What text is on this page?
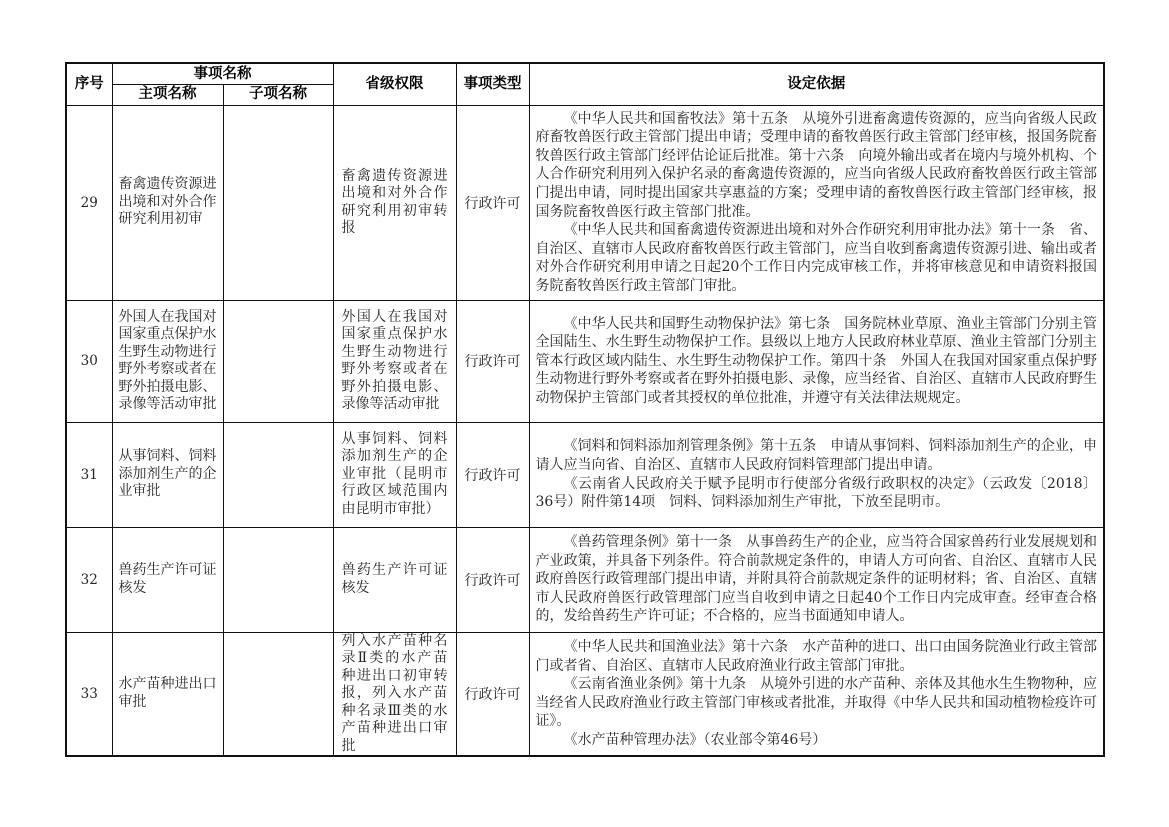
序号	事项名称		省级权限	事项类型	设定依据
	主项名称	子项名称			
29	畜禽遗传资源进出境和对外合作研究利用初审		畜禽遗传资源进出境和对外合作研究利用初审转报	行政许可	《中华人民共和国畜牧法》第十五条　从境外引进畜禽遗传资源的，应当向省级人民政府畜牧兽医行政主管部门提出申请；受理申请的畜牧兽医行政主管部门经审核，报国务院畜牧兽医行政主管部门经评估论证后批准。第十六条　向境外输出或者在境内与境外机构、个人合作研究利用列入保护名录的畜禽遗传资源的，应当向省级人民政府畜牧兽医行政主管部门提出申请，同时提出国家共享惠益的方案；受理申请的畜牧兽医行政主管部门经审核，报国务院畜牧兽医行政主管部门批准。

《中华人民共和国畜禽遗传资源进出境和对外合作研究利用审批办法》第十一条　省、自治区、直辖市人民政府畜牧兽医行政主管部门，应当自收到畜禽遗传资源引进、输出或者对外合作研究利用申请之日起20个工作日内完成审核工作，并将审核意见和申请资料报国务院畜牧兽医行政主管部门审批。

30	外国人在我国对国家重点保护水生野生动物进行野外考察或者在野外拍摄电影、录像等活动审批		外国人在我国对国家重点保护水生野生动物进行野外考察或者在野外拍摄电影、录像等活动审批	行政许可	《中华人民共和国野生动物保护法》第七条　国务院林业草原、渔业主管部门分别主管全国陆生、水生野生动物保护工作。县级以上地方人民政府林业草原、渔业主管部门分别主管本行政区域内陆生、水生野生动物保护工作。第四十条　外国人在我国对国家重点保护野生动物进行野外考察或者在野外拍摄电影、录像，应当经省、自治区、直辖市人民政府野生动物保护主管部门或者其授权的单位批准，并遵守有关法律法规规定。

31	从事饲料、饲料添加剂生产的企业审批		从事饲料、饲料添加剂生产的企业审批（昆明市行政区域范围内由昆明市审批）	行政许可	《饲料和饲料添加剂管理条例》第十五条　申请从事饲料、饲料添加剂生产的企业，申请人应当向省、自治区、直辖市人民政府饲料管理部门提出申请。

《云南省人民政府关于赋予昆明市行使部分省级行政职权的决定》（云政发〔2018〕36号）附件第14项　饲料、饲料添加剂生产审批，下放至昆明市。

32	兽药生产许可证核发		兽药生产许可证核发	行政许可	《兽药管理条例》第十一条　从事兽药生产的企业，应当符合国家兽药行业发展规划和产业政策，并具备下列条件。符合前款规定条件的，申请人方可向省、自治区、直辖市人民政府兽医行政管理部门提出申请，并附具符合前款规定条件的证明材料；省、自治区、直辖市人民政府兽医行政管理部门应当自收到申请之日起40个工作日内完成审查。经审查合格的，发给兽药生产许可证；不合格的，应当书面通知申请人。

33	水产苗种进出口审批		列入水产苗种名录Ⅱ类的水产苗种进出口初审转报，列入水产苗种名录Ⅲ类的水产苗种进出口审批	行政许可	《中华人民共和国渔业法》第十六条　水产苗种的进口、出口由国务院渔业行政主管部门或者省、自治区、直辖市人民政府渔业行政主管部门审批。

《云南省渔业条例》第十九条　从境外引进的水产苗种、亲体及其他水生生物物种，应当经省人民政府渔业行政主管部门审核或者批准，并取得《中华人民共和国动植物检疫许可证》。

《水产苗种管理办法》（农业部令第46号）
